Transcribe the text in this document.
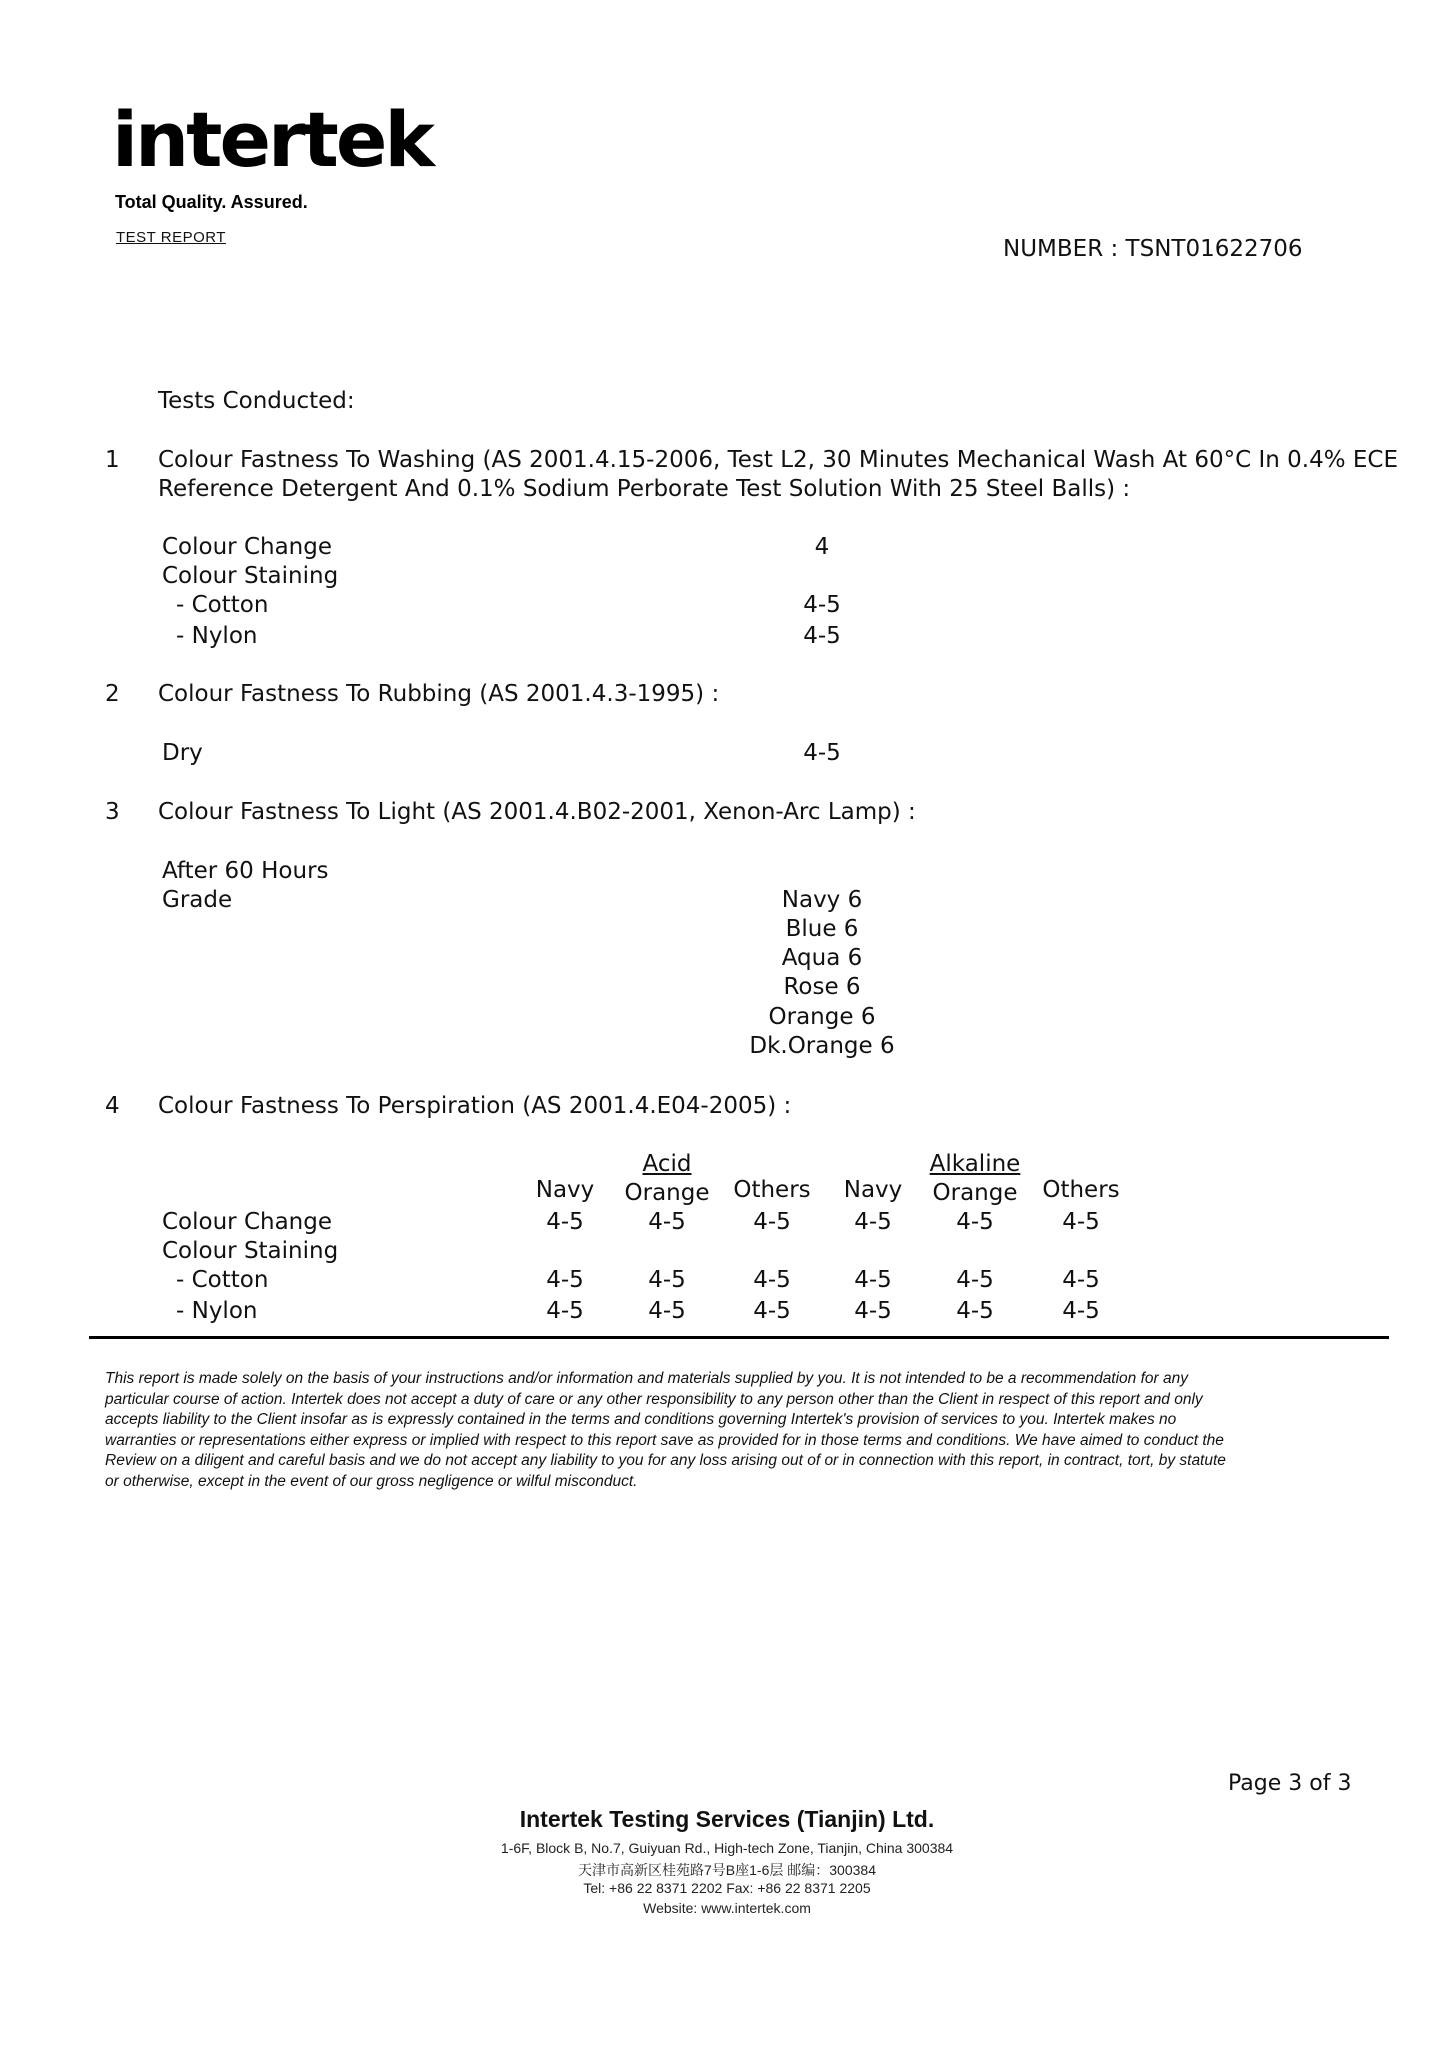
intertek
Total Quality. Assured.
TEST REPORT	NUMBER : TSNT01622706
Tests Conducted:
1 Colour Fastness To Washing (AS 2001.4.15-2006, Test L2, 30 Minutes Mechanical Wash At 60°C In 0.4% ECE
Reference Detergent And 0.1% Sodium Perborate Test Solution With 25 Steel Balls) :
Colour Change	4
Colour Staining
- Cotton	4-5
- Nylon	4-5
2 Colour Fastness To Rubbing (AS 2001.4.3-1995) :
Dry	4-5
3 Colour Fastness To Light (AS 2001.4.B02-2001, Xenon-Arc Lamp) :
After 60 Hours
Grade	Navy 6
Blue 6
Aqua 6
Rose 6
Orange 6
Dk.Orange 6
4 Colour Fastness To Perspiration (AS 2001.4.E04-2005) :
Acid	Alkaline
Navy Orange Others Navy Orange Others
Colour Change	4-5	4-5	4-5	4-5	4-5	4-5
Colour Staining
- Cotton	4-5	4-5	4-5	4-5	4-5	4-5
- Nylon	4-5	4-5	4-5	4-5	4-5	4-5
This report is made solely on the basis of your instructions and/or information and materials supplied by you. It is not intended to be a recommendation for any
particular course of action. Intertek does not accept a duty of care or any other responsibility to any person other than the Client in respect of this report and only
accepts liability to the Client insofar as is expressly contained in the terms and conditions governing Intertek's provision of services to you. Intertek makes no
warranties or representations either express or implied with respect to this report save as provided for in those terms and conditions. We have aimed to conduct the
Review on a diligent and careful basis and we do not accept any liability to you for any loss arising out of or in connection with this report, in contract, tort, by statute
or otherwise, except in the event of our gross negligence or wilful misconduct.
Page 3 of 3
Intertek Testing Services (Tianjin) Ltd.
1-6F, Block B, No.7, Guiyuan Rd., High-tech Zone, Tianjin, China 300384
天津市高新区桂苑路7号B座1-6层 邮编：300384
Tel: +86 22 8371 2202 Fax: +86 22 8371 2205
Website: www.intertek.com
